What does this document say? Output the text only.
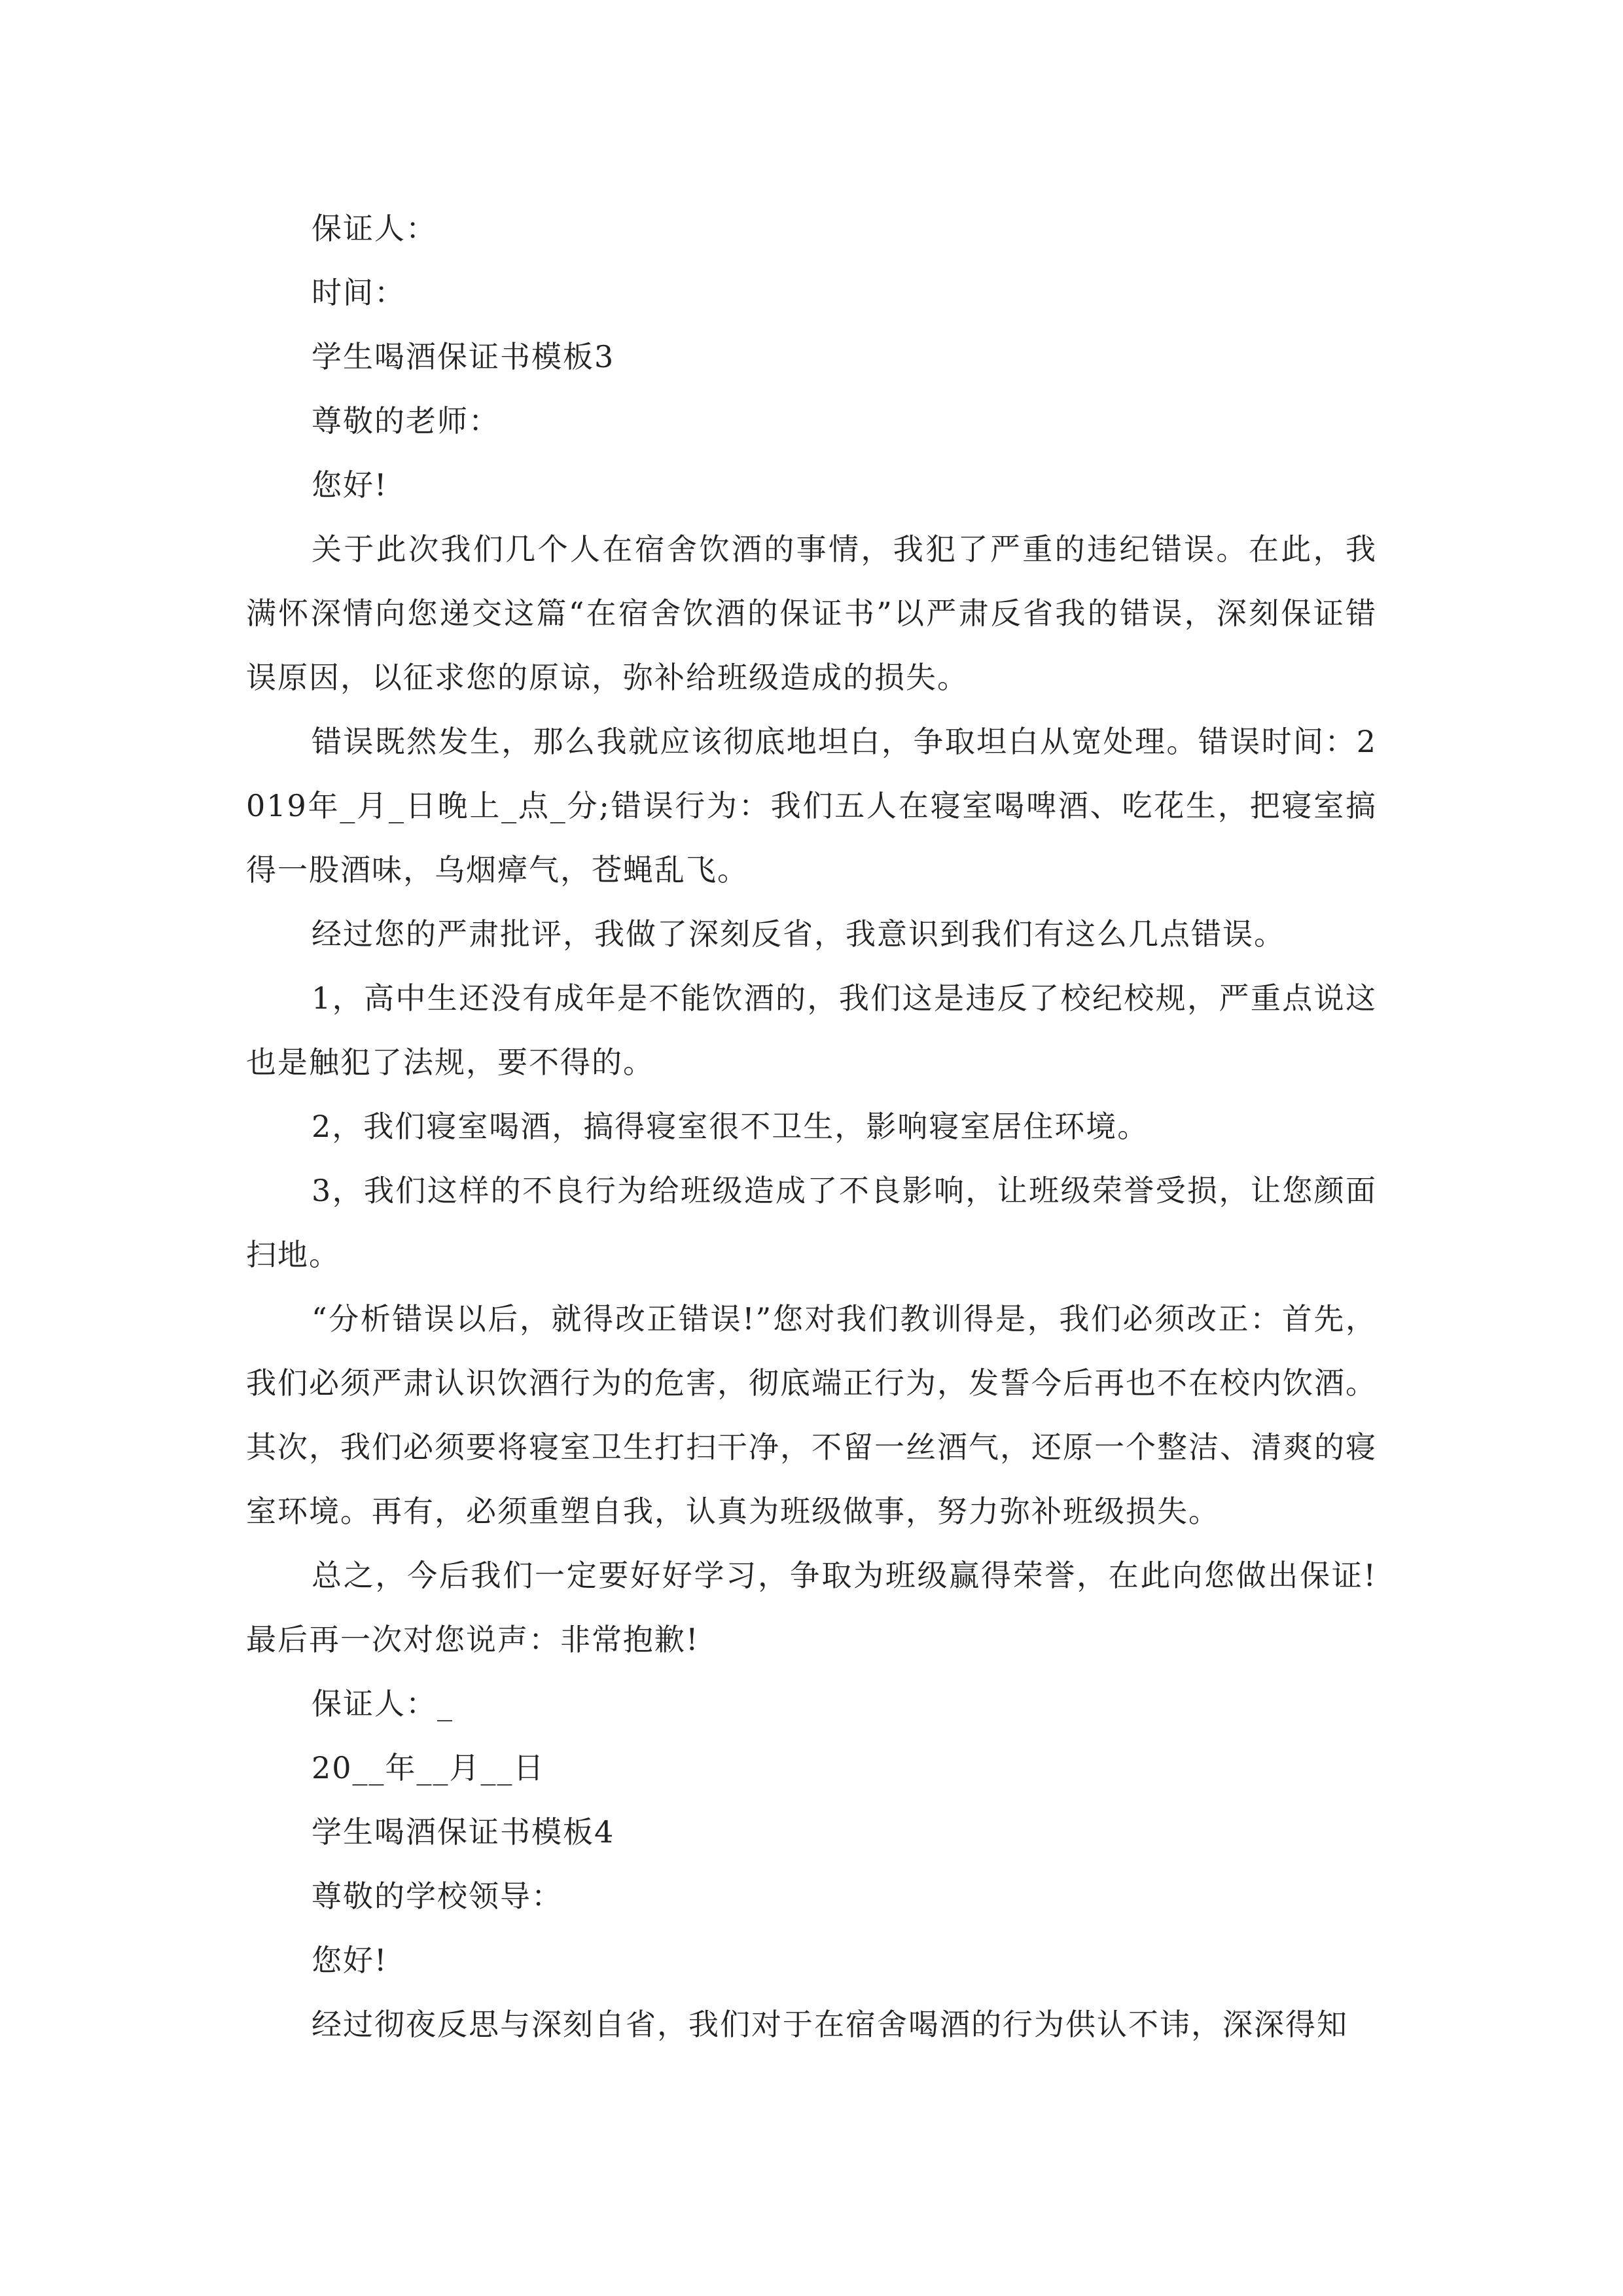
保证人：

时间：

学生喝酒保证书模板3

尊敬的老师：

您好!

关于此次我们几个人在宿舍饮酒的事情，我犯了严重的违纪错误。在此，我满怀深情向您递交这篇“在宿舍饮酒的保证书”以严肃反省我的错误，深刻保证错误原因，以征求您的原谅，弥补给班级造成的损失。

错误既然发生，那么我就应该彻底地坦白，争取坦白从宽处理。错误时间：2019年_月_日晚上_点_分;错误行为：我们五人在寝室喝啤酒、吃花生，把寝室搞得一股酒味，乌烟瘴气，苍蝇乱飞。

经过您的严肃批评，我做了深刻反省，我意识到我们有这么几点错误。

1，高中生还没有成年是不能饮酒的，我们这是违反了校纪校规，严重点说这也是触犯了法规，要不得的。

2，我们寝室喝酒，搞得寝室很不卫生，影响寝室居住环境。

3，我们这样的不良行为给班级造成了不良影响，让班级荣誉受损，让您颜面扫地。

“分析错误以后，就得改正错误!”您对我们教训得是，我们必须改正：首先，我们必须严肃认识饮酒行为的危害，彻底端正行为，发誓今后再也不在校内饮酒。其次，我们必须要将寝室卫生打扫干净，不留一丝酒气，还原一个整洁、清爽的寝室环境。再有，必须重塑自我，认真为班级做事，努力弥补班级损失。

总之，今后我们一定要好好学习，争取为班级赢得荣誉，在此向您做出保证!最后再一次对您说声：非常抱歉!

保证人：_

20__年__月__日

学生喝酒保证书模板4

尊敬的学校领导：

您好!

经过彻夜反思与深刻自省，我们对于在宿舍喝酒的行为供认不讳，深深得知
